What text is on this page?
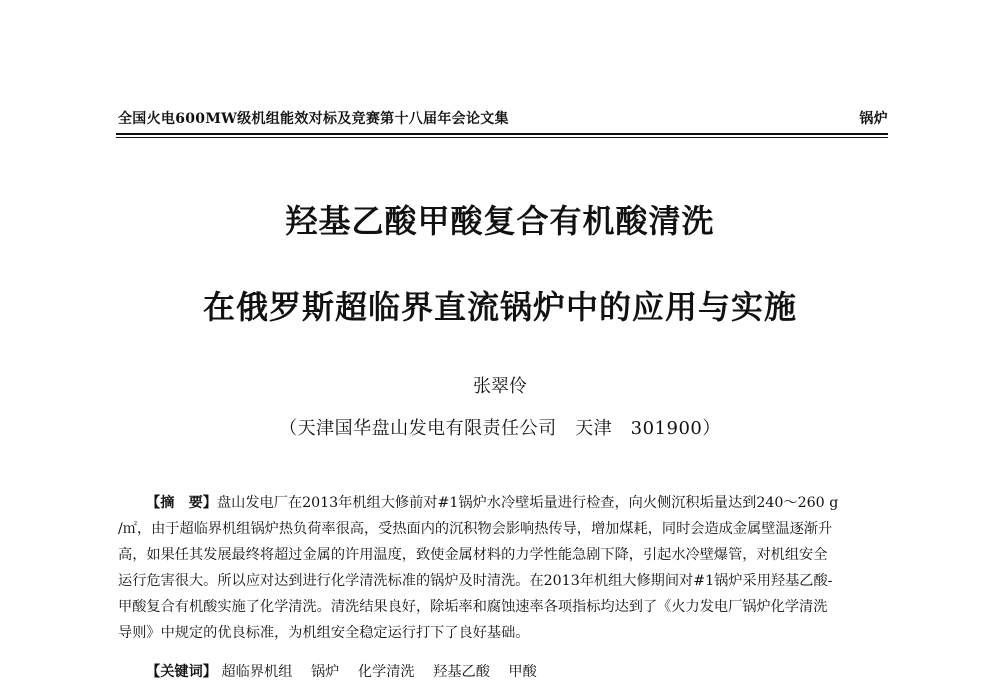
全国火电600MW级机组能效对标及竞赛第十八届年会论文集	锅炉
羟基乙酸甲酸复合有机酸清洗
在俄罗斯超临界直流锅炉中的应用与实施
张翠伶
（天津国华盘山发电有限责任公司　天津　301900）
【摘　要】盘山发电厂在2013年机组大修前对#1锅炉水冷壁垢量进行检查，向火侧沉积垢量达到240～260 g
/㎡，由于超临界机组锅炉热负荷率很高，受热面内的沉积物会影响热传导，增加煤耗，同时会造成金属壁温逐渐升
高，如果任其发展最终将超过金属的许用温度，致使金属材料的力学性能急剧下降，引起水冷壁爆管，对机组安全
运行危害很大。所以应对达到进行化学清洗标准的锅炉及时清洗。在2013年机组大修期间对#1锅炉采用羟基乙酸-
甲酸复合有机酸实施了化学清洗。清洗结果良好，除垢率和腐蚀速率各项指标均达到了《火力发电厂锅炉化学清洗
导则》中规定的优良标准，为机组安全稳定运行打下了良好基础。
【关键词】 超临界机组 锅炉 化学清洗 羟基乙酸 甲酸
